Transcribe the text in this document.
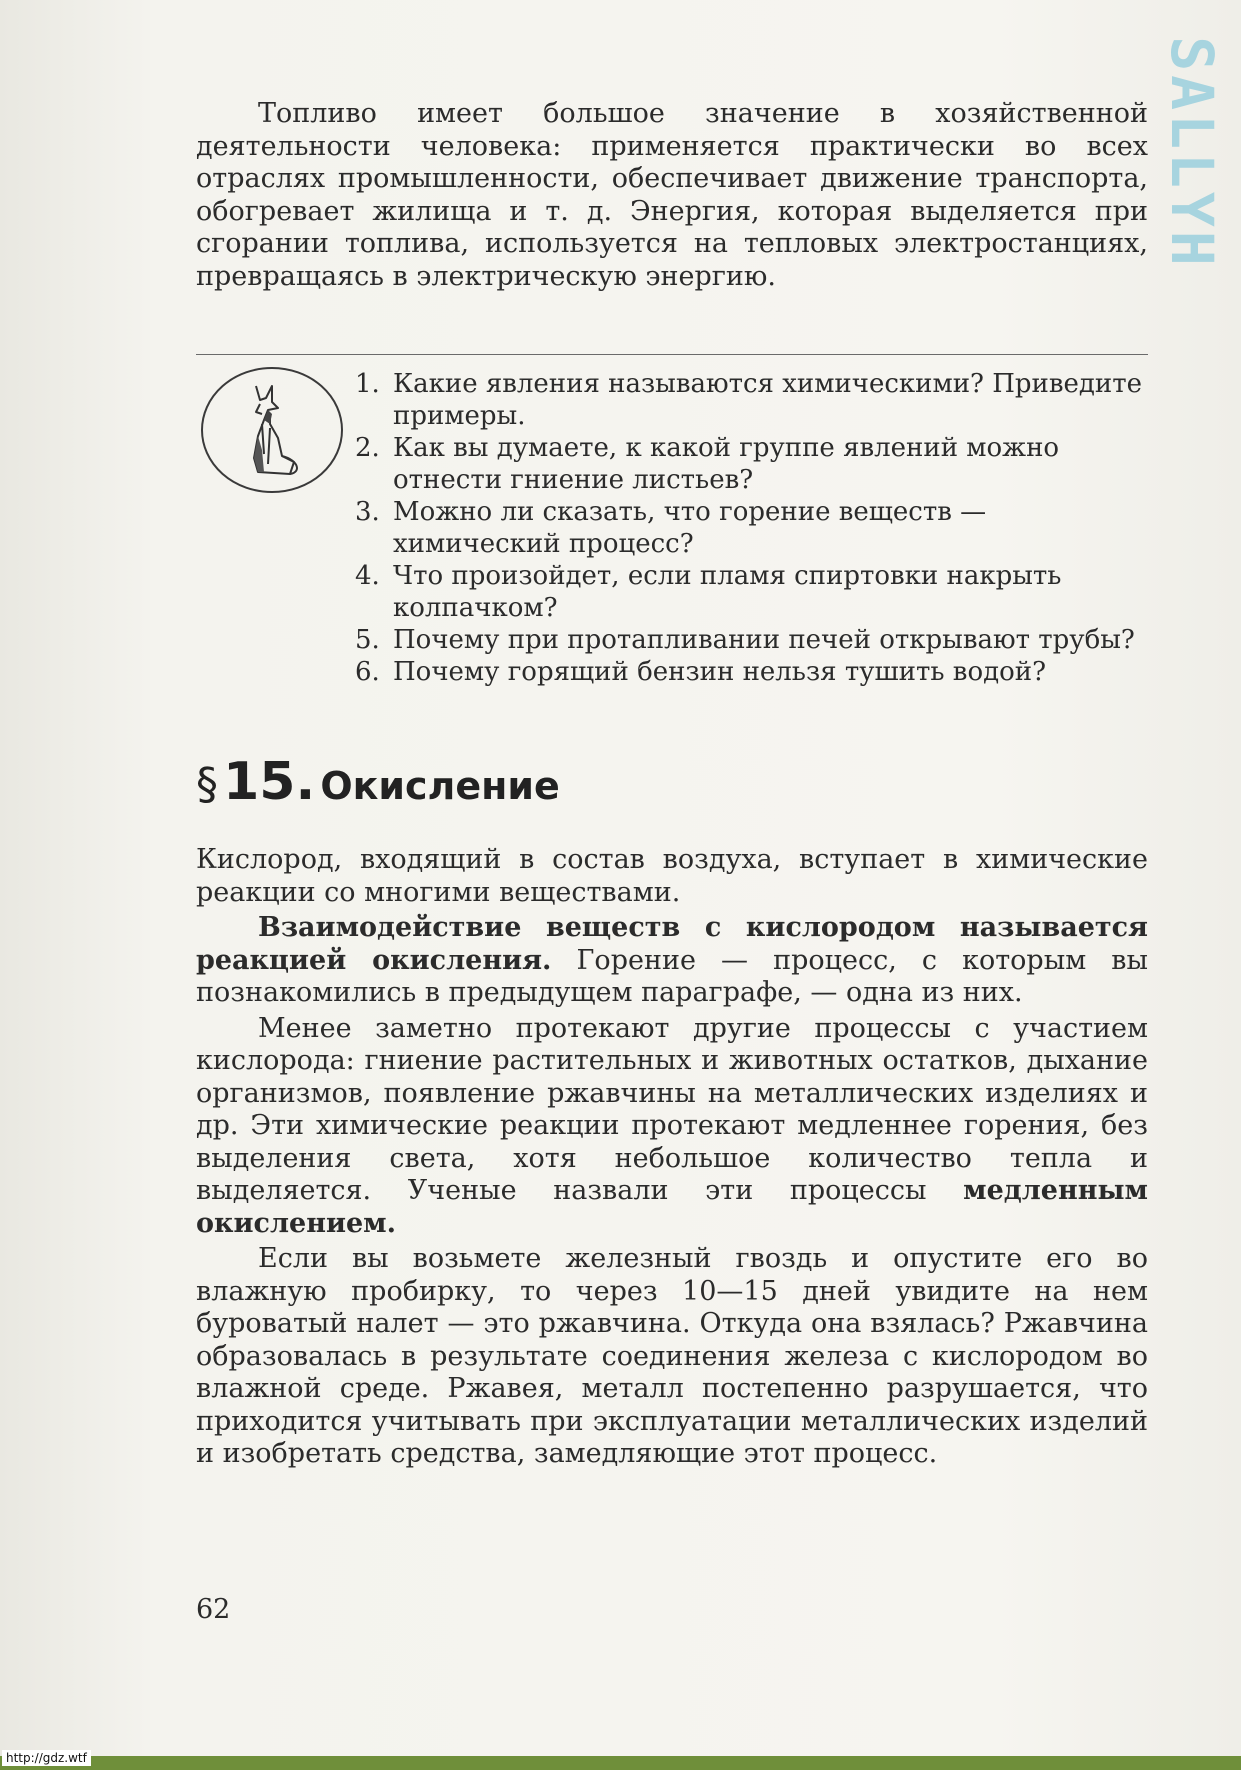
SALLYH

Топливо имеет большое значение в хозяйственной деятельности человека: применяется практически во всех отраслях промышленности, обеспечивает движение транспорта, обогревает жилища и т. д. Энергия, которая выделяется при сгорании топлива, используется на тепловых электростанциях, превращаясь в электрическую энергию.

1. Какие явления называются химическими? Приведите примеры.
2. Как вы думаете, к какой группе явлений можно отнести гниение листьев?
3. Можно ли сказать, что горение веществ — химический процесс?
4. Что произойдет, если пламя спиртовки накрыть колпачком?
5. Почему при протапливании печей открывают трубы?
6. Почему горящий бензин нельзя тушить водой?
§ 15. Окисление

Кислород, входящий в состав воздуха, вступает в химические реакции со многими веществами.

Взаимодействие веществ с кислородом называется реакцией окисления. Горение — процесс, с которым вы познакомились в предыдущем параграфе, — одна из них.

Менее заметно протекают другие процессы с участием кислорода: гниение растительных и животных остатков, дыхание организмов, появление ржавчины на металлических изделиях и др. Эти химические реакции протекают медленнее горения, без выделения света, хотя небольшое количество тепла и выделяется. Ученые назвали эти процессы медленным окислением.

Если вы возьмете железный гвоздь и опустите его во влажную пробирку, то через 10—15 дней увидите на нем буроватый налет — это ржавчина. Откуда она взялась? Ржавчина образовалась в результате соединения железа с кислородом во влажной среде. Ржавея, металл постепенно разрушается, что приходится учитывать при эксплуатации металлических изделий и изобретать средства, замедляющие этот процесс.

62
http://gdz.wtf
